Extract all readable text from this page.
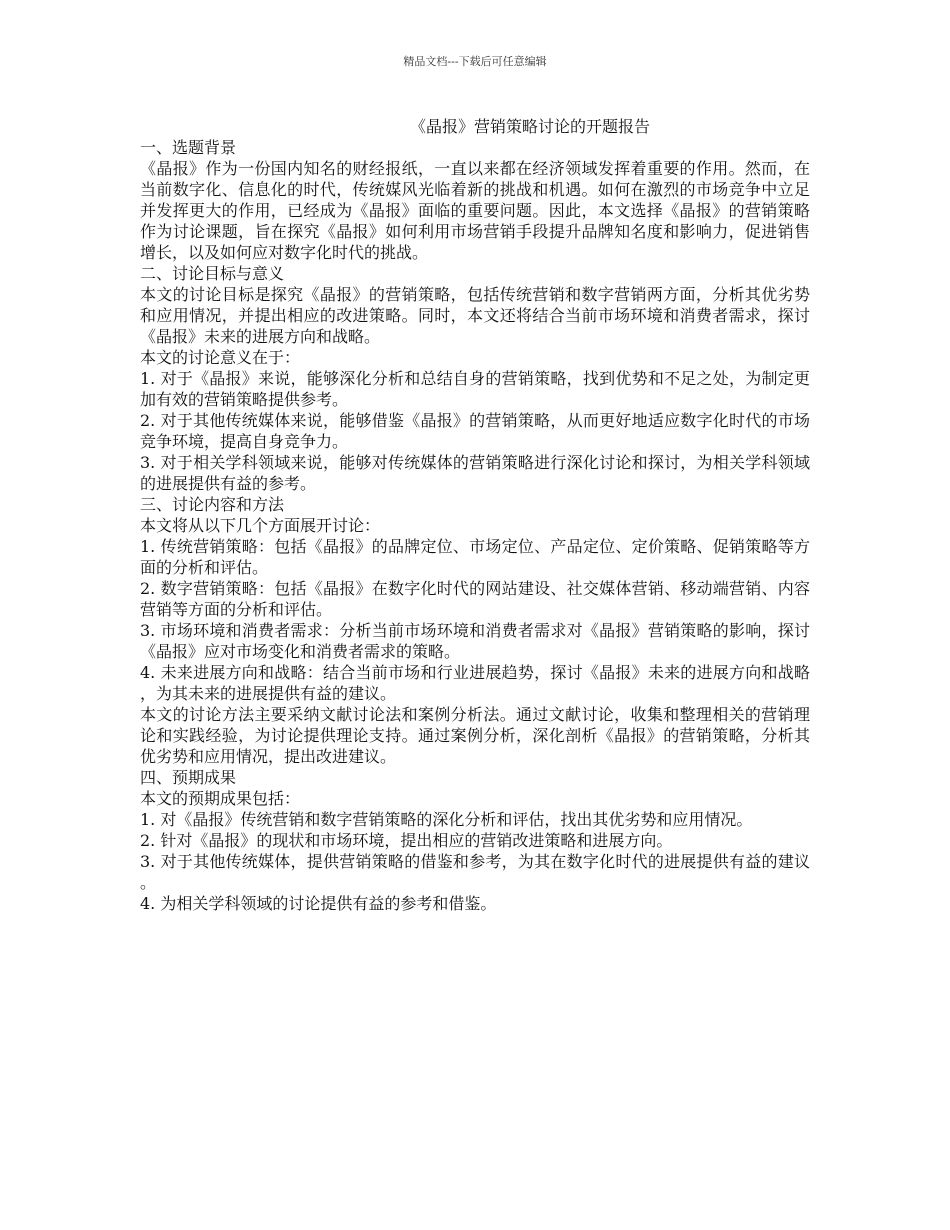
精品文档---下载后可任意编辑
《晶报》营销策略讨论的开题报告
一、选题背景

《晶报》作为一份国内知名的财经报纸，一直以来都在经济领域发挥着重要的作用。然而，在当前数字化、信息化的时代，传统媒风光临着新的挑战和机遇。如何在激烈的市场竞争中立足并发挥更大的作用，已经成为《晶报》面临的重要问题。因此，本文选择《晶报》的营销策略作为讨论课题，旨在探究《晶报》如何利用市场营销手段提升品牌知名度和影响力，促进销售增长，以及如何应对数字化时代的挑战。

二、讨论目标与意义

本文的讨论目标是探究《晶报》的营销策略，包括传统营销和数字营销两方面，分析其优劣势和应用情况，并提出相应的改进策略。同时，本文还将结合当前市场环境和消费者需求，探讨《晶报》未来的进展方向和战略。

本文的讨论意义在于：

1. 对于《晶报》来说，能够深化分析和总结自身的营销策略，找到优势和不足之处，为制定更加有效的营销策略提供参考。

2. 对于其他传统媒体来说，能够借鉴《晶报》的营销策略，从而更好地适应数字化时代的市场竞争环境，提高自身竞争力。

3. 对于相关学科领域来说，能够对传统媒体的营销策略进行深化讨论和探讨，为相关学科领域的进展提供有益的参考。

三、讨论内容和方法

本文将从以下几个方面展开讨论：

1. 传统营销策略：包括《晶报》的品牌定位、市场定位、产品定位、定价策略、促销策略等方面的分析和评估。

2. 数字营销策略：包括《晶报》在数字化时代的网站建设、社交媒体营销、移动端营销、内容营销等方面的分析和评估。

3. 市场环境和消费者需求：分析当前市场环境和消费者需求对《晶报》营销策略的影响，探讨《晶报》应对市场变化和消费者需求的策略。

4. 未来进展方向和战略：结合当前市场和行业进展趋势，探讨《晶报》未来的进展方向和战略，为其未来的进展提供有益的建议。

本文的讨论方法主要采纳文献讨论法和案例分析法。通过文献讨论，收集和整理相关的营销理论和实践经验，为讨论提供理论支持。通过案例分析，深化剖析《晶报》的营销策略，分析其优劣势和应用情况，提出改进建议。

四、预期成果

本文的预期成果包括：

1. 对《晶报》传统营销和数字营销策略的深化分析和评估，找出其优劣势和应用情况。

2. 针对《晶报》的现状和市场环境，提出相应的营销改进策略和进展方向。

3. 对于其他传统媒体，提供营销策略的借鉴和参考，为其在数字化时代的进展提供有益的建议。

4. 为相关学科领域的讨论提供有益的参考和借鉴。
